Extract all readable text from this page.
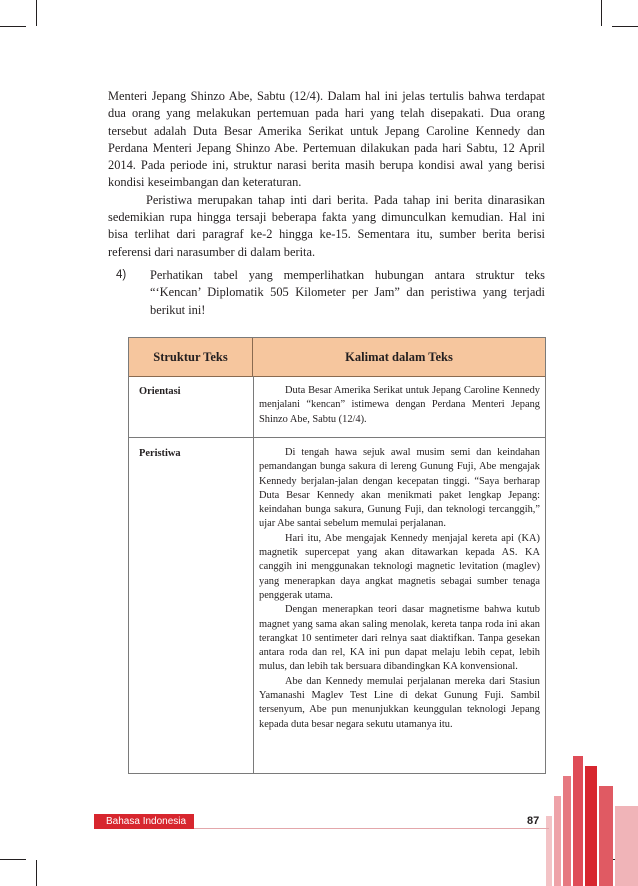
Menteri Jepang Shinzo Abe, Sabtu (12/4). Dalam hal ini jelas tertulis bahwa terdapat dua orang yang melakukan pertemuan pada hari yang telah disepakati. Dua orang tersebut adalah Duta Besar Amerika Serikat untuk Jepang Caroline Kennedy dan Perdana Menteri Jepang Shinzo Abe. Pertemuan dilakukan pada hari Sabtu, 12 April 2014. Pada periode ini, struktur narasi berita masih berupa kondisi awal yang berisi kondisi keseimbangan dan keteraturan.

Peristiwa merupakan tahap inti dari berita. Pada tahap ini berita dinarasikan sedemikian rupa hingga tersaji beberapa fakta yang dimunculkan kemudian. Hal ini bisa terlihat dari paragraf ke-2 hingga ke-15. Sementara itu, sumber berita berisi referensi dari narasumber di dalam berita.

4) Perhatikan tabel yang memperlihatkan hubungan antara struktur teks “‘Kencan’ Diplomatik 505 Kilometer per Jam” dan peristiwa yang terjadi berikut ini!
Struktur Teks	Kalimat dalam Teks
Orientasi	Duta Besar Amerika Serikat untuk Jepang Caroline Kennedy menjalani “kencan” istimewa dengan Perdana Menteri Jepang Shinzo Abe, Sabtu (12/4).

Peristiwa	Di tengah hawa sejuk awal musim semi dan keindahan pemandangan bunga sakura di lereng Gunung Fuji, Abe mengajak Kennedy berjalan-jalan dengan kecepatan tinggi. “Saya berharap Duta Besar Kennedy akan menikmati paket lengkap Jepang: keindahan bunga sakura, Gunung Fuji, dan teknologi tercanggih,” ujar Abe santai sebelum memulai perjalanan.

Hari itu, Abe mengajak Kennedy menjajal kereta api (KA) magnetik supercepat yang akan ditawarkan kepada AS. KA canggih ini menggunakan teknologi magnetic levitation (maglev) yang menerapkan daya angkat magnetis sebagai sumber tenaga penggerak utama.

Dengan menerapkan teori dasar magnetisme bahwa kutub magnet yang sama akan saling menolak, kereta tanpa roda ini akan terangkat 10 sentimeter dari relnya saat diaktifkan. Tanpa gesekan antara roda dan rel, KA ini pun dapat melaju lebih cepat, lebih mulus, dan lebih tak bersuara dibandingkan KA konvensional.

Abe dan Kennedy memulai perjalanan mereka dari Stasiun Yamanashi Maglev Test Line di dekat Gunung Fuji. Sambil tersenyum, Abe pun menunjukkan keunggulan teknologi Jepang kepada duta besar negara sekutu utamanya itu.

Bahasa Indonesia	87
